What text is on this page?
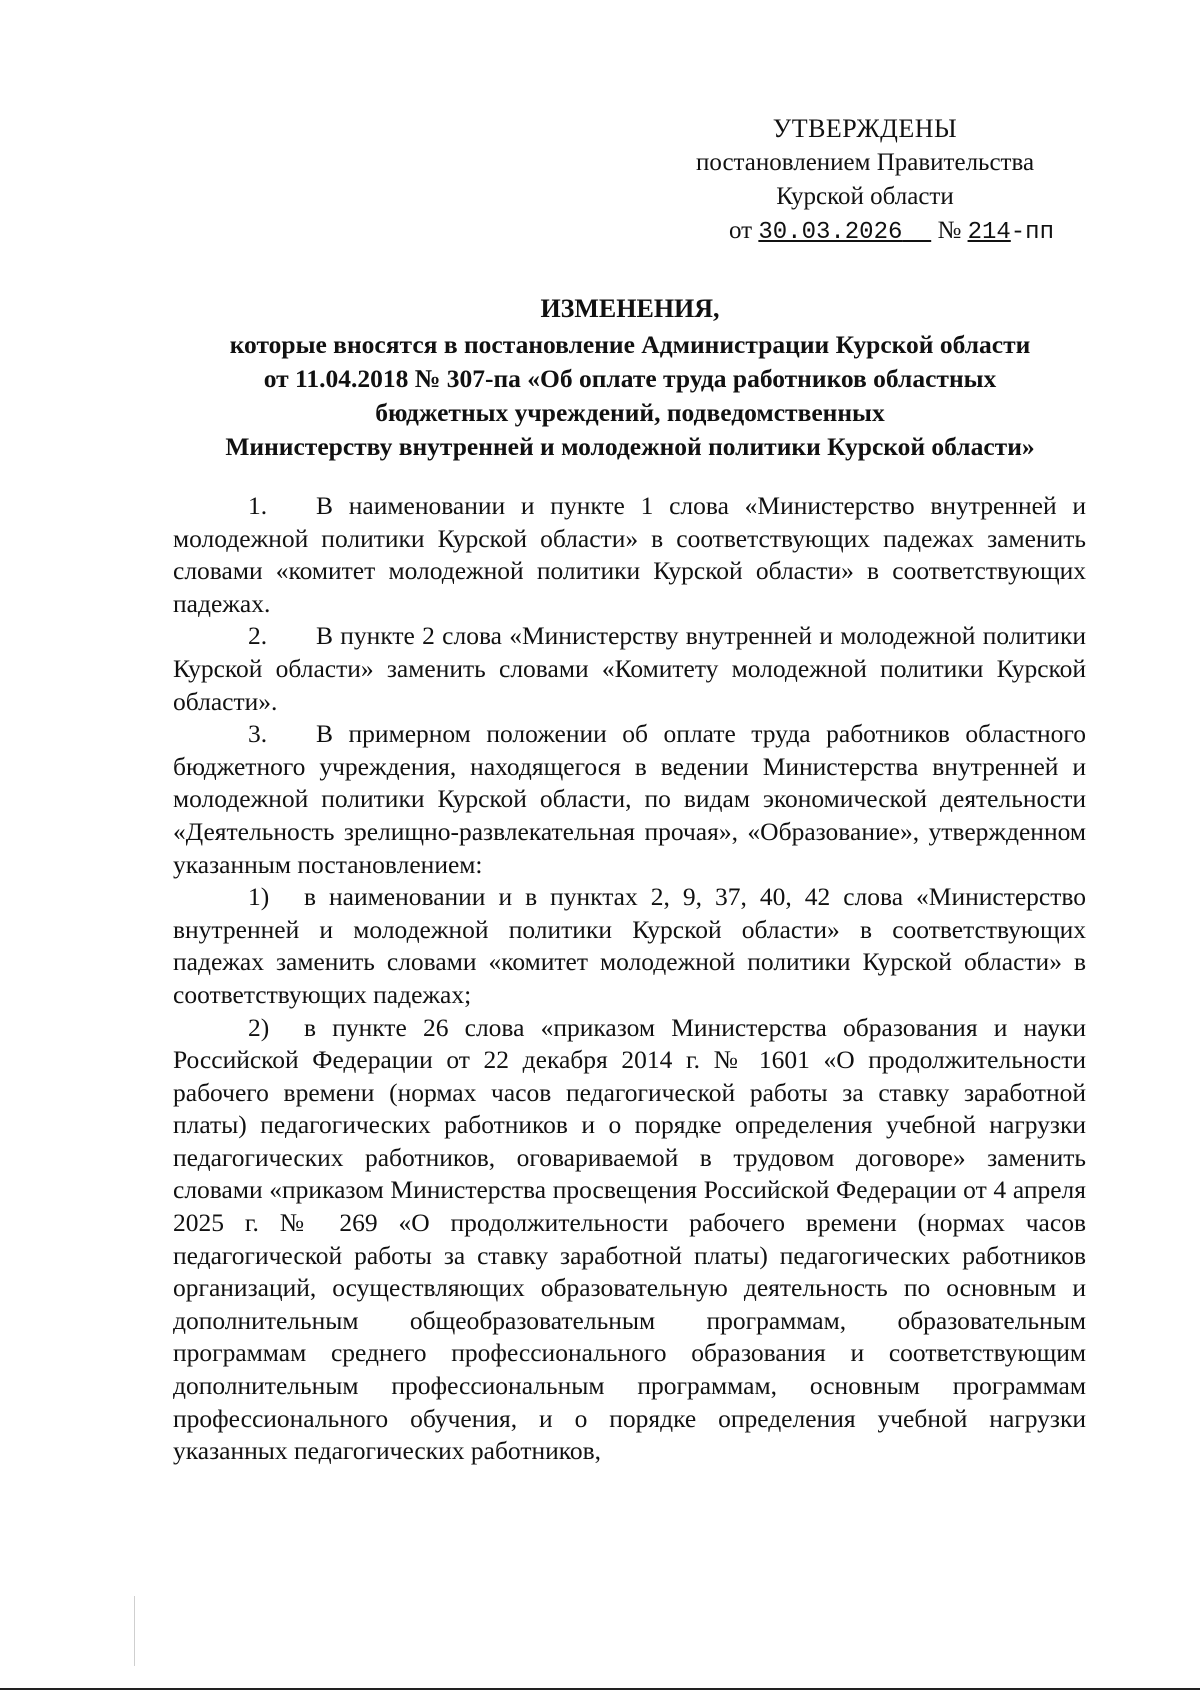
УТВЕРЖДЕНЫ
постановлением Правительства
Курской области
от 30.03.2026 № 214-пп
ИЗМЕНЕНИЯ,
которые вносятся в постановление Администрации Курской области
от 11.04.2018 № 307-па «Об оплате труда работников областных
бюджетных учреждений, подведомственных
Министерству внутренней и молодежной политики Курской области»

1. В наименовании и пункте 1 слова «Министерство внутренней и молодежной политики Курской области» в соответствующих падежах заменить словами «комитет молодежной политики Курской области» в соответствующих падежах.

2. В пункте 2 слова «Министерству внутренней и молодежной политики Курской области» заменить словами «Комитету молодежной политики Курской области».

3. В примерном положении об оплате труда работников областного бюджетного учреждения, находящегося в ведении Министерства внутренней и молодежной политики Курской области, по видам экономической деятельности «Деятельность зрелищно-развлекательная прочая», «Образование», утвержденном указанным постановлением:

1) в наименовании и в пунктах 2, 9, 37, 40, 42 слова «Министерство внутренней и молодежной политики Курской области» в соответствующих падежах заменить словами «комитет молодежной политики Курской области» в соответствующих падежах;

2) в пункте 26 слова «приказом Министерства образования и науки Российской Федерации от 22 декабря 2014 г. № 1601 «О продолжительности рабочего времени (нормах часов педагогической работы за ставку заработной платы) педагогических работников и о порядке определения учебной нагрузки педагогических работников, оговариваемой в трудовом договоре» заменить словами «приказом Министерства просвещения Российской Федерации от 4 апреля 2025 г. № 269 «О продолжительности рабочего времени (нормах часов педагогической работы за ставку заработной платы) педагогических работников организаций, осуществляющих образовательную деятельность по основным и дополнительным общеобразовательным программам, образовательным программам среднего профессионального образования и соответствующим дополнительным профессиональным программам, основным программам профессионального обучения, и о порядке определения учебной нагрузки указанных педагогических работников,
